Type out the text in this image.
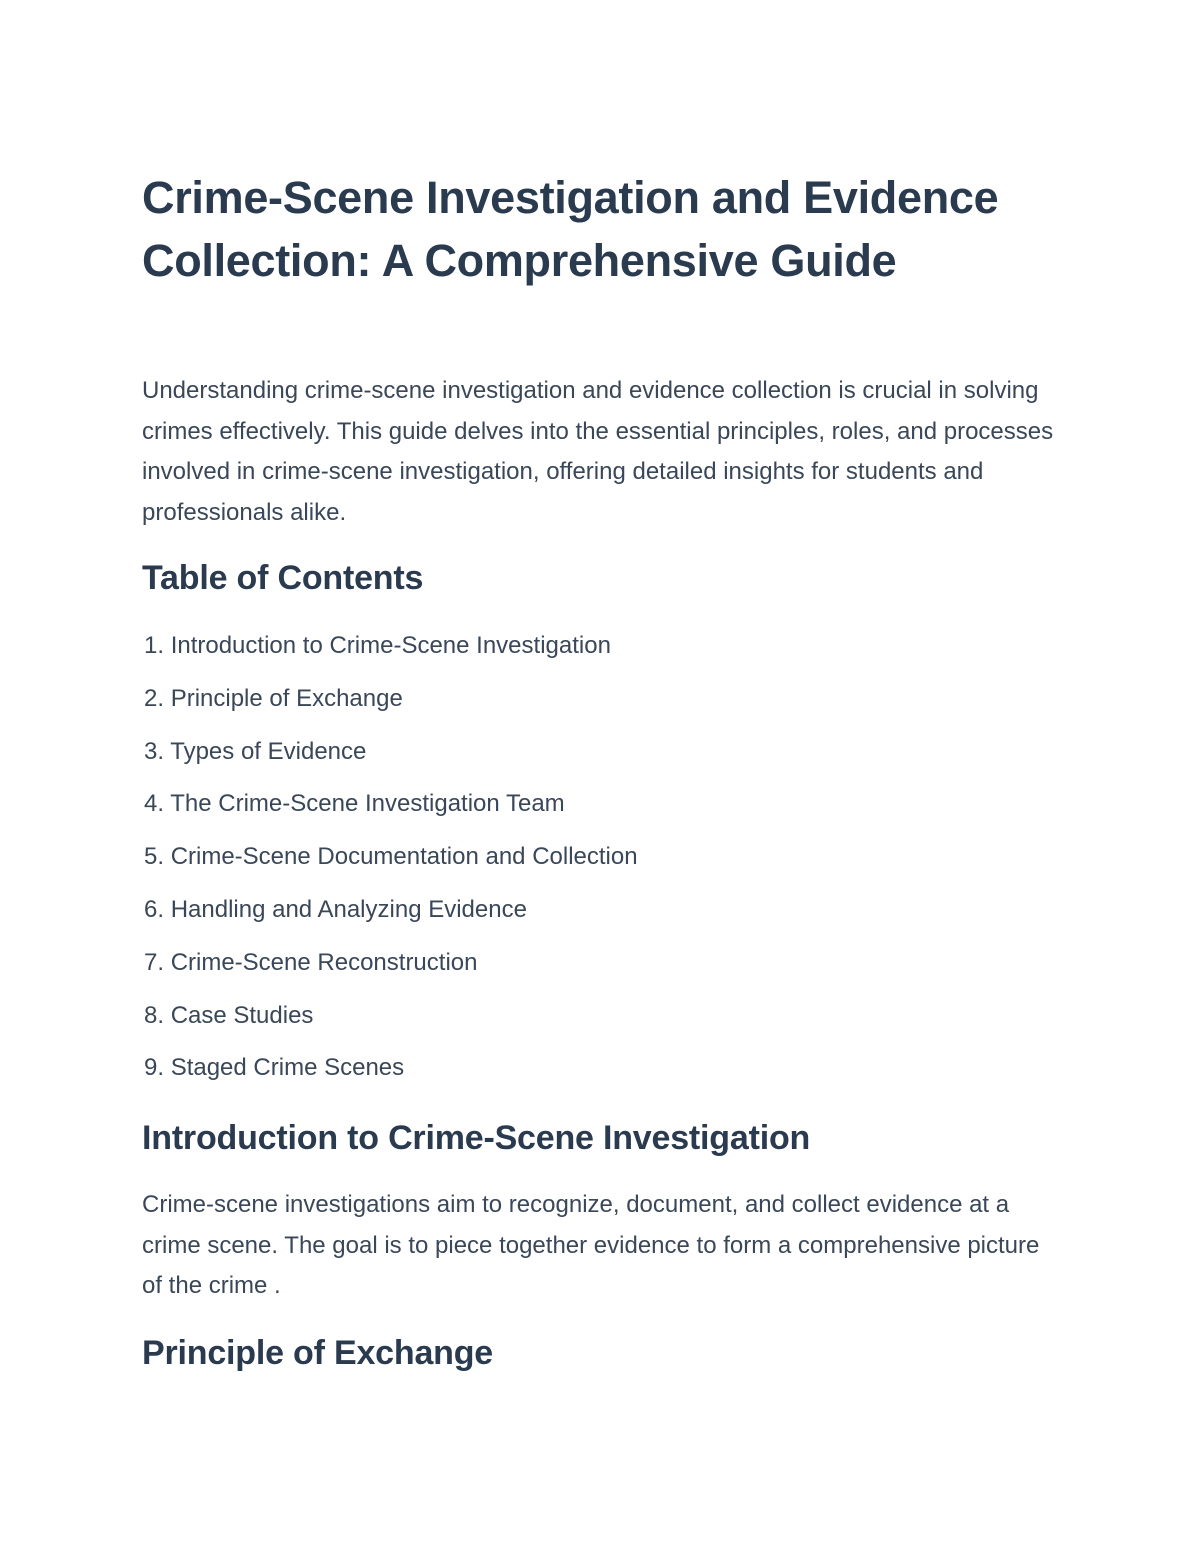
Crime-Scene Investigation and Evidence Collection: A Comprehensive Guide

Understanding crime-scene investigation and evidence collection is crucial in solving crimes effectively. This guide delves into the essential principles, roles, and processes involved in crime-scene investigation, offering detailed insights for students and professionals alike.

Table of Contents
1. Introduction to Crime-Scene Investigation
2. Principle of Exchange
3. Types of Evidence
4. The Crime-Scene Investigation Team
5. Crime-Scene Documentation and Collection
6. Handling and Analyzing Evidence
7. Crime-Scene Reconstruction
8. Case Studies
9. Staged Crime Scenes
Introduction to Crime-Scene Investigation

Crime-scene investigations aim to recognize, document, and collect evidence at a crime scene. The goal is to piece together evidence to form a comprehensive picture of the crime .

Principle of Exchange
